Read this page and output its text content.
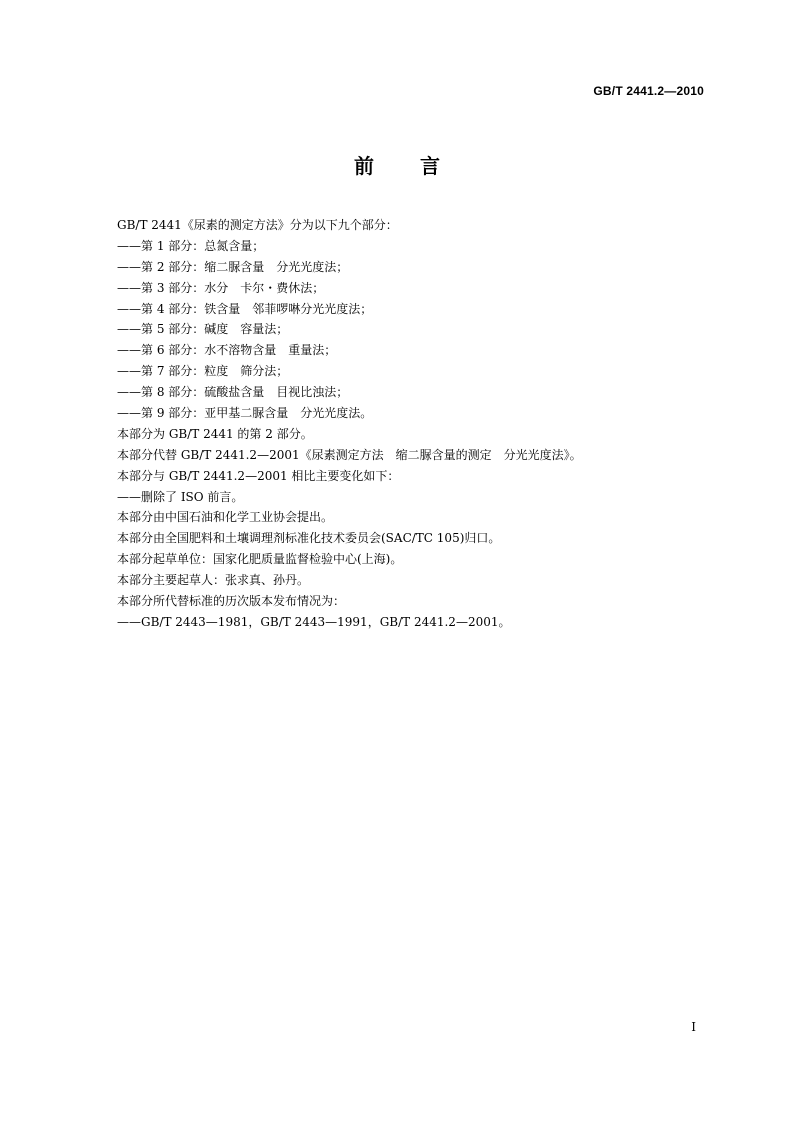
GB/T 2441.2—2010
前言

GB/T 2441《尿素的测定方法》分为以下九个部分：

——第 1 部分：总氮含量；

——第 2 部分：缩二脲含量　分光光度法；

——第 3 部分：水分　卡尔・费休法；

——第 4 部分：铁含量　邻菲啰啉分光光度法；

——第 5 部分：碱度　容量法；

——第 6 部分：水不溶物含量　重量法；

——第 7 部分：粒度　筛分法；

——第 8 部分：硫酸盐含量　目视比浊法；

——第 9 部分：亚甲基二脲含量　分光光度法。

本部分为 GB/T 2441 的第 2 部分。

本部分代替 GB/T 2441.2—2001《尿素测定方法　缩二脲含量的测定　分光光度法》。

本部分与 GB/T 2441.2—2001 相比主要变化如下：

——删除了 ISO 前言。

本部分由中国石油和化学工业协会提出。

本部分由全国肥料和土壤调理剂标准化技术委员会(SAC/TC 105)归口。

本部分起草单位：国家化肥质量监督检验中心(上海)。

本部分主要起草人：张求真、孙丹。

本部分所代替标准的历次版本发布情况为：

——GB/T 2443—1981，GB/T 2443—1991，GB/T 2441.2—2001。

I
